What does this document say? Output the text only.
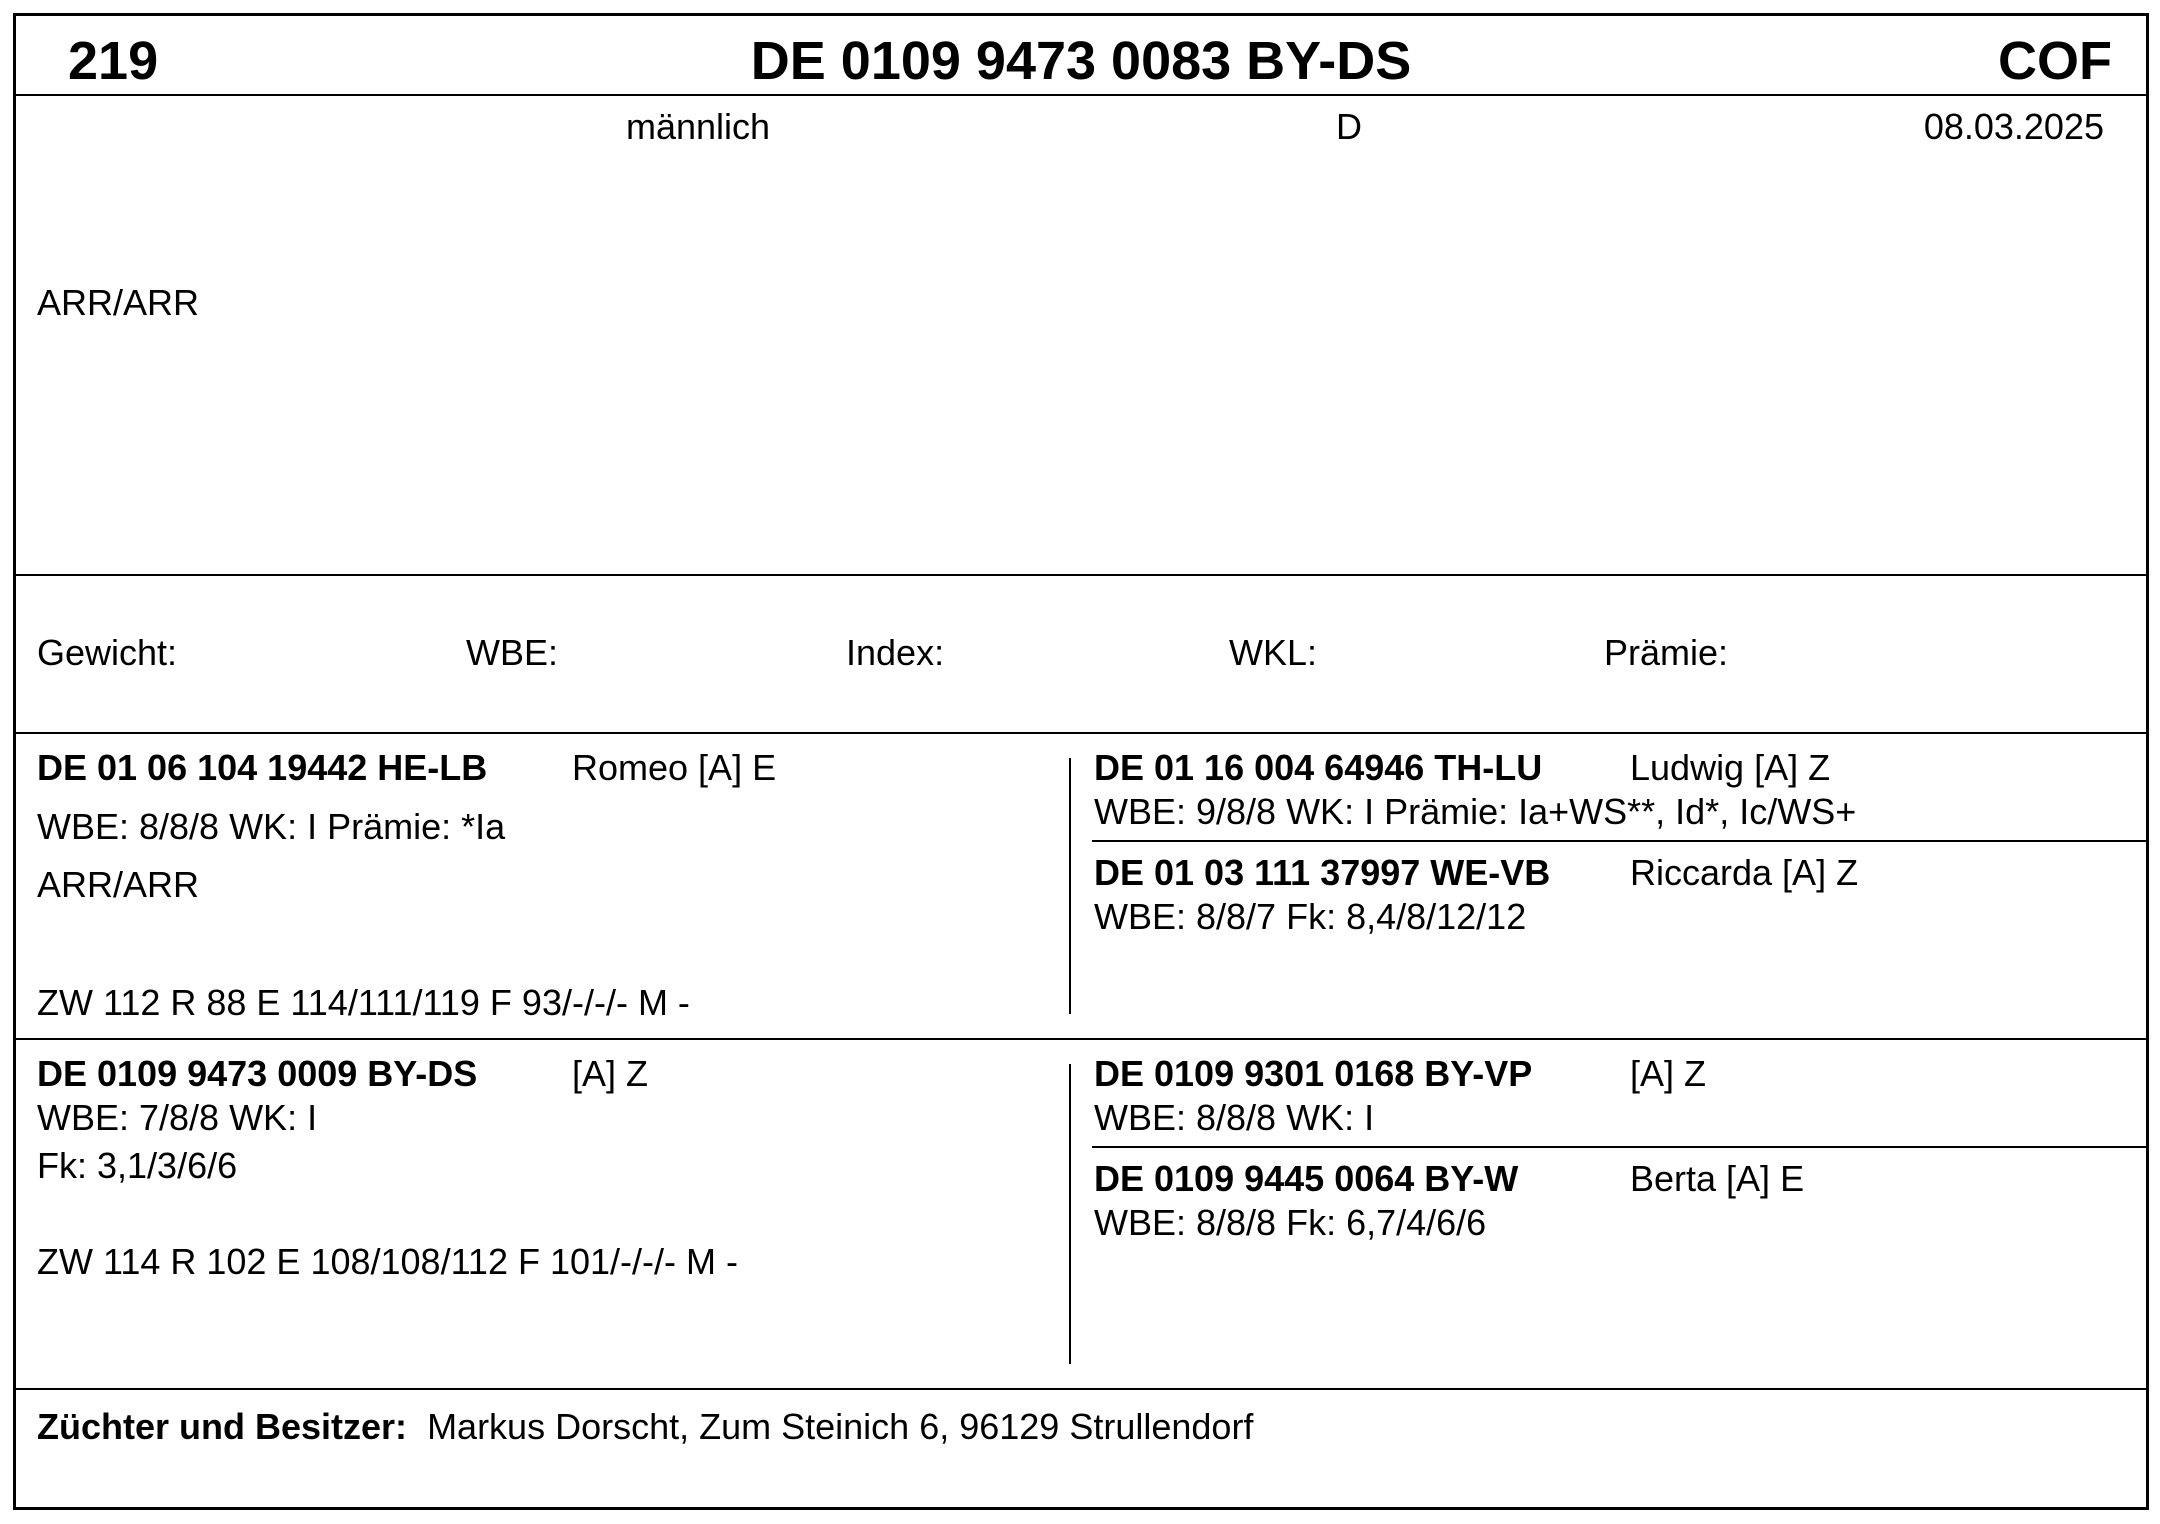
219	DE 0109 9473 0083 BY-DS	COF
männlich	D	08.03.2025
ARR/ARR
Gewicht:	WBE:	Index:	WKL:	Prämie:
DE 01 06 104 19442 HE-LB Romeo [A] E
WBE: 8/8/8 WK: I Prämie: *Ia
ARR/ARR
ZW 112 R 88 E 114/111/119 F 93/-/-/- M -
DE 01 16 004 64946 TH-LU Ludwig [A] Z
WBE: 9/8/8 WK: I Prämie: Ia+WS**, Id*, Ic/WS+
DE 01 03 111 37997 WE-VB Riccarda [A] Z
WBE: 8/8/7 Fk: 8,4/8/12/12
DE 0109 9473 0009 BY-DS	[A] Z
WBE: 7/8/8 WK: I
Fk: 3,1/3/6/6
ZW 114 R 102 E 108/108/112 F 101/-/-/- M -
DE 0109 9301 0168 BY-VP	[A] Z
WBE: 8/8/8 WK: I
DE 0109 9445 0064 BY-W	Berta [A] E
WBE: 8/8/8 Fk: 6,7/4/6/6
Züchter und Besitzer: Markus Dorscht, Zum Steinich 6, 96129 Strullendorf
